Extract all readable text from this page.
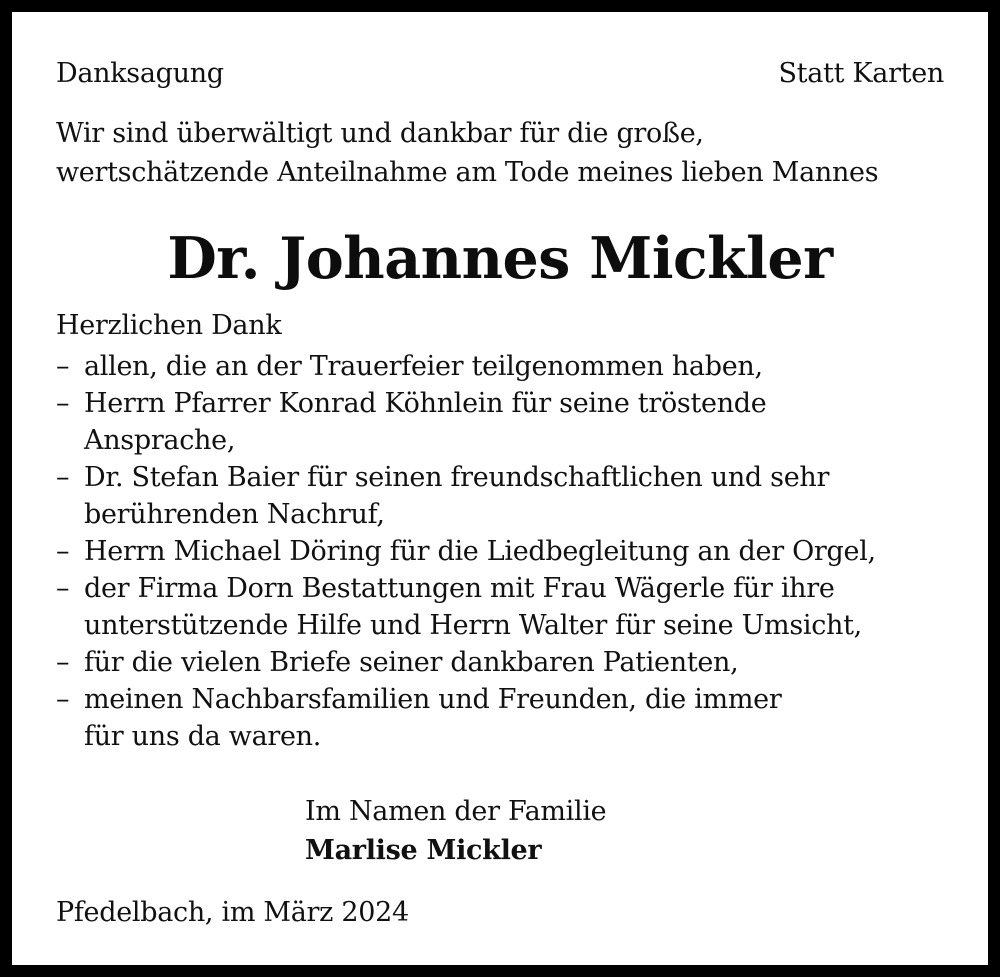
Danksagung	Statt Karten
Wir sind überwältigt und dankbar für die große,
wertschätzende Anteilnahme am Tode meines lieben Mannes
Dr. Johannes Mickler
Herzlichen Dank
– allen, die an der Trauerfeier teilgenommen haben,
– Herrn Pfarrer Konrad Köhnlein für seine tröstende
Ansprache,
– Dr. Stefan Baier für seinen freundschaftlichen und sehr
berührenden Nachruf,
– Herrn Michael Döring für die Liedbegleitung an der Orgel,
– der Firma Dorn Bestattungen mit Frau Wägerle für ihre
unterstützende Hilfe und Herrn Walter für seine Umsicht,
– für die vielen Briefe seiner dankbaren Patienten,
– meinen Nachbarsfamilien und Freunden, die immer
für uns da waren.
Im Namen der Familie
Marlise Mickler
Pfedelbach, im März 2024
